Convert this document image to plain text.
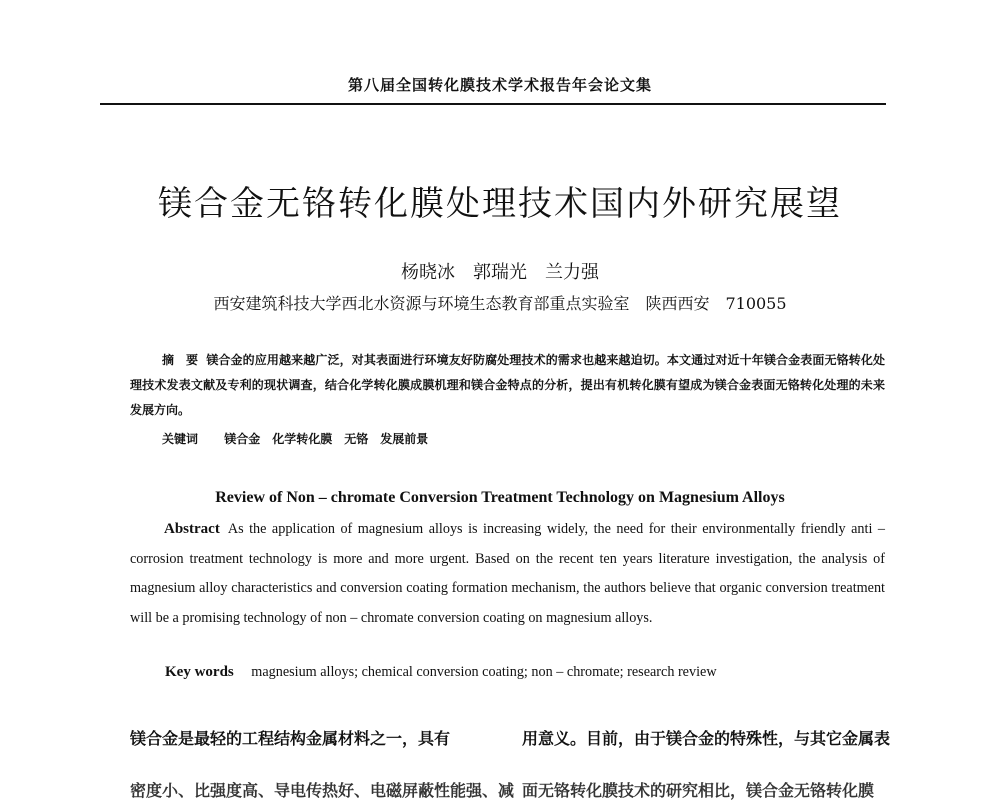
第八届全国转化膜技术学术报告年会论文集
镁合金无铬转化膜处理技术国内外研究展望
杨晓冰　郭瑞光　兰力强
西安建筑科技大学西北水资源与环境生态教育部重点实验室　陕西西安　710055
摘　要 镁合金的应用越来越广泛，对其表面进行环境友好防腐处理技术的需求也越来越迫切。本文通过对近十年镁合金表面无铬转化处理技术发表文献及专利的现状调查，结合化学转化膜成膜机理和镁合金特点的分析，提出有机转化膜有望成为镁合金表面无铬转化处理的未来发展方向。
关键词 镁合金　化学转化膜　无铬　发展前景
Review of Non – chromate Conversion Treatment Technology on Magnesium Alloys
Abstract As the application of magnesium alloys is increasing widely, the need for their environmentally friendly anti – corrosion treatment technology is more and more urgent. Based on the recent ten years literature investigation, the analysis of magnesium alloy characteristics and conversion coating formation mechanism, the authors believe that organic conversion treatment will be a promising technology of non – chromate conversion coating on magnesium alloys.
Key words magnesium alloys; chemical conversion coating; non – chromate; research review
镁合金是最轻的工程结构金属材料之一，具有
密度小、比强度高、导电传热好、电磁屏蔽性能强、减
用意义。目前，由于镁合金的特殊性，与其它金属表
面无铬转化膜技术的研究相比，镁合金无铬转化膜
